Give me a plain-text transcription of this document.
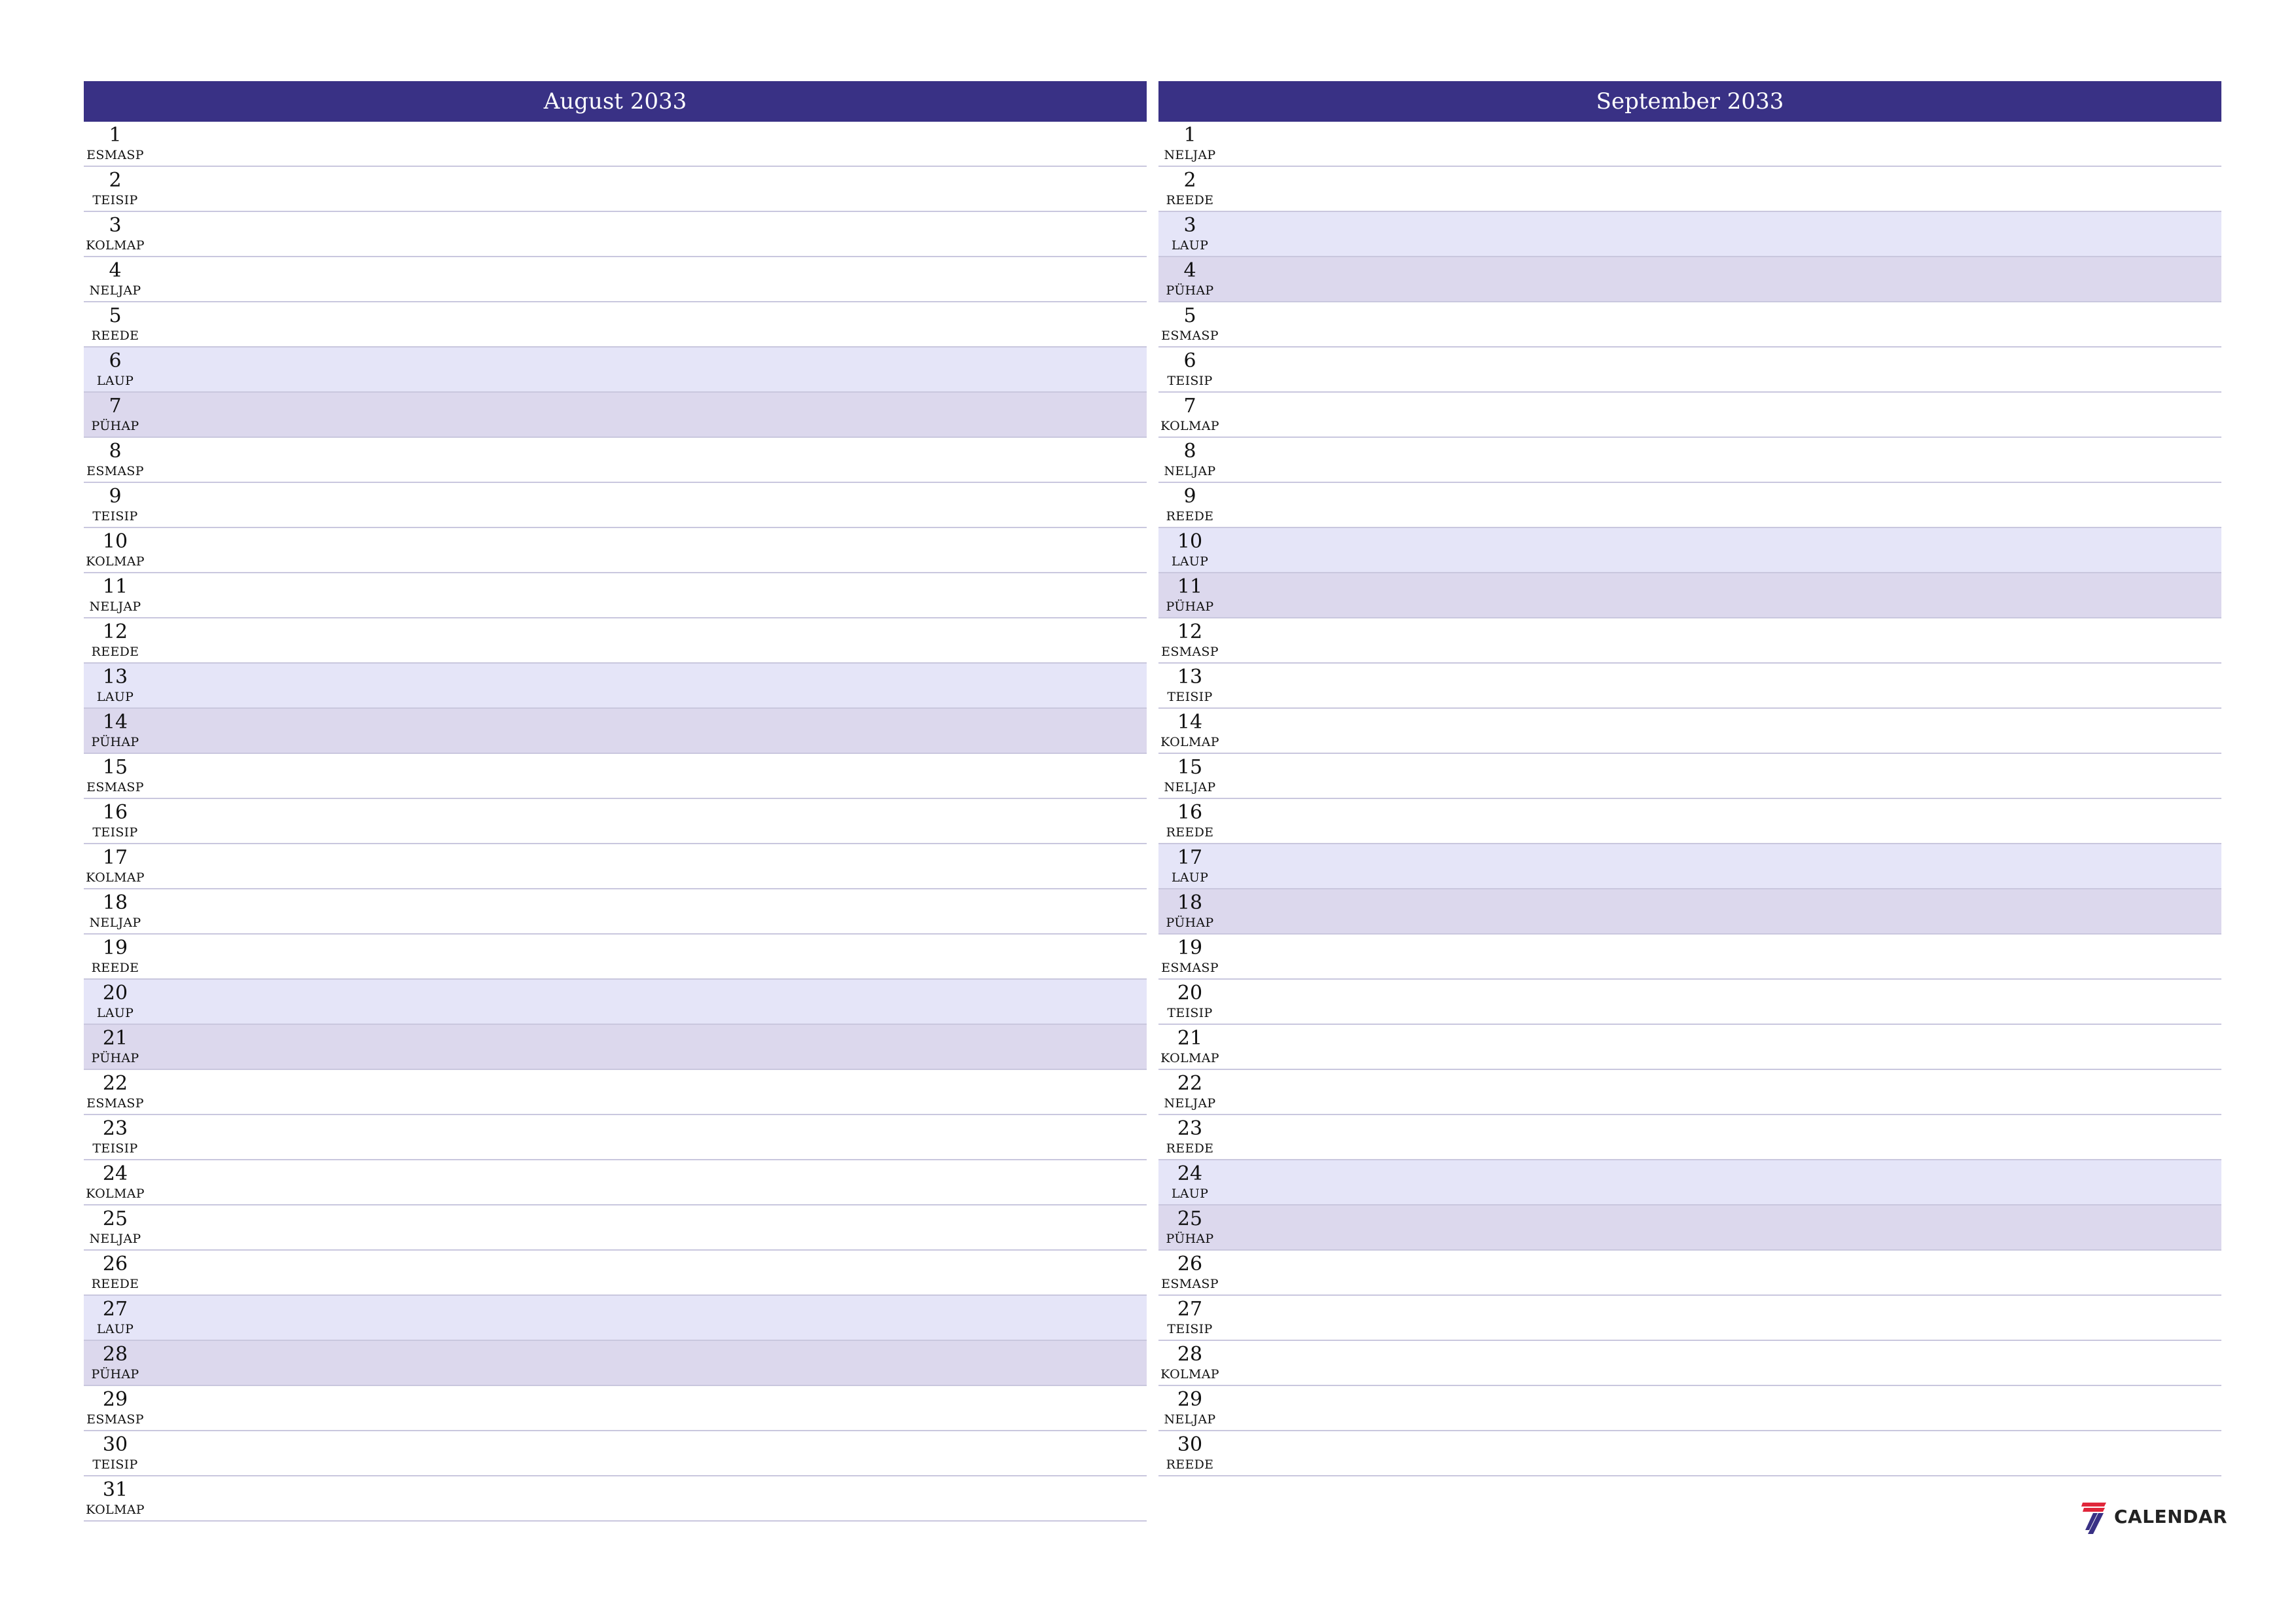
August 2033
1
ESMASP
2
TEISIP
3
KOLMAP
4
NELJAP
5
REEDE
6
LAUP
7
PÜHAP
8
ESMASP
9
TEISIP
10
KOLMAP
11
NELJAP
12
REEDE
13
LAUP
14
PÜHAP
15
ESMASP
16
TEISIP
17
KOLMAP
18
NELJAP
19
REEDE
20
LAUP
21
PÜHAP
22
ESMASP
23
TEISIP
24
KOLMAP
25
NELJAP
26
REEDE
27
LAUP
28
PÜHAP
29
ESMASP
30
TEISIP
31
KOLMAP
September 2033
1
NELJAP
2
REEDE
3
LAUP
4
PÜHAP
5
ESMASP
6
TEISIP
7
KOLMAP
8
NELJAP
9
REEDE
10
LAUP
11
PÜHAP
12
ESMASP
13
TEISIP
14
KOLMAP
15
NELJAP
16
REEDE
17
LAUP
18
PÜHAP
19
ESMASP
20
TEISIP
21
KOLMAP
22
NELJAP
23
REEDE
24
LAUP
25
PÜHAP
26
ESMASP
27
TEISIP
28
KOLMAP
29
NELJAP
30
REEDE
CALENDAR
